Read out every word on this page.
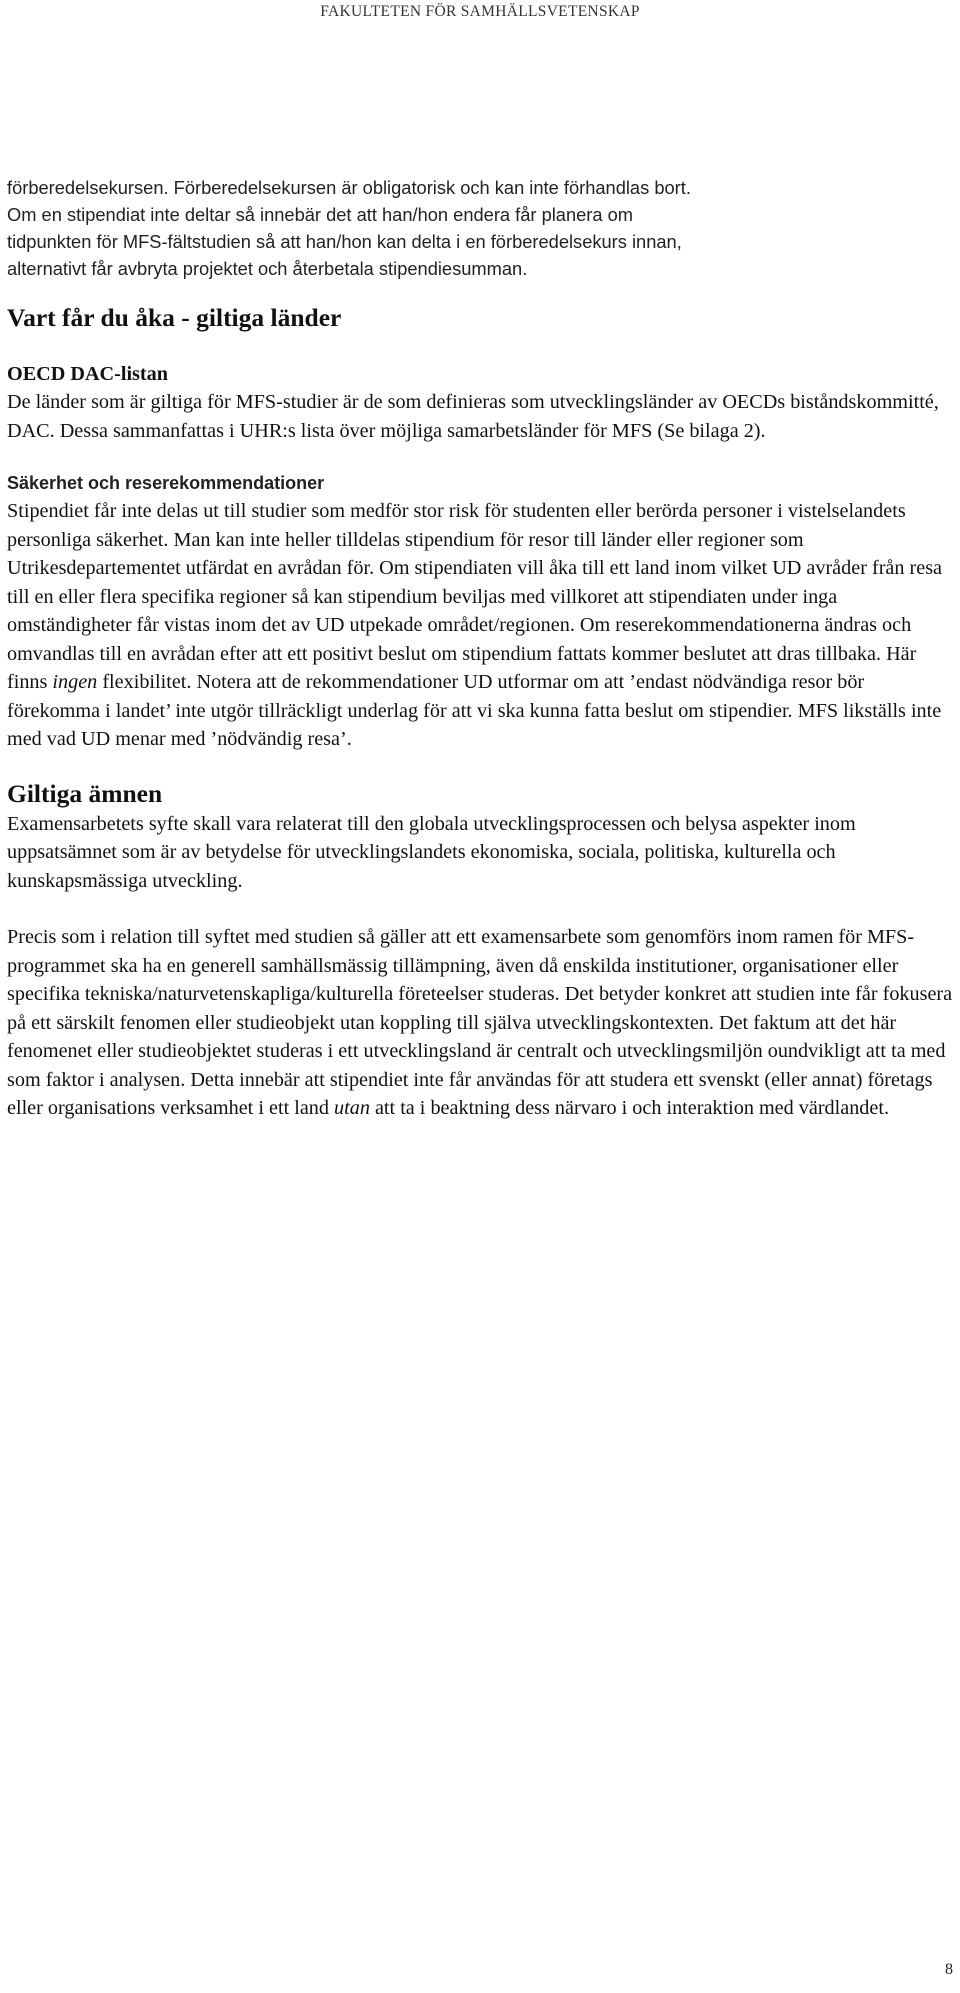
FAKULTETEN FÖR SAMHÄLLSVETENSKAP

förberedelsekursen. Förberedelsekursen är obligatorisk och kan inte förhandlas bort.

Om en stipendiat inte deltar så innebär det att han/hon endera får planera om

tidpunkten för MFS-fältstudien så att han/hon kan delta i en förberedelsekurs innan,

alternativt får avbryta projektet och återbetala stipendiesumman.

Vart får du åka - giltiga länder
OECD DAC-listan

De länder som är giltiga för MFS-studier är de som definieras som utvecklingsländer av OECDs biståndskommitté, DAC. Dessa sammanfattas i UHR:s lista över möjliga samarbetsländer för MFS (Se bilaga 2).

Säkerhet och reserekommendationer

Stipendiet får inte delas ut till studier som medför stor risk för studenten eller berörda personer i vistelselandets personliga säkerhet. Man kan inte heller tilldelas stipendium för resor till länder eller regioner som Utrikesdepartementet utfärdat en avrådan för. Om stipendiaten vill åka till ett land inom vilket UD avråder från resa till en eller flera specifika regioner så kan stipendium beviljas med villkoret att stipendiaten under inga omständigheter får vistas inom det av UD utpekade området/regionen. Om reserekommendationerna ändras och omvandlas till en avrådan efter att ett positivt beslut om stipendium fattats kommer beslutet att dras tillbaka. Här finns ingen flexibilitet. Notera att de rekommendationer UD utformar om att ’endast nödvändiga resor bör förekomma i landet’ inte utgör tillräckligt underlag för att vi ska kunna fatta beslut om stipendier. MFS likställs inte med vad UD menar med ’nödvändig resa’.

Giltiga ämnen

Examensarbetets syfte skall vara relaterat till den globala utvecklingsprocessen och belysa aspekter inom uppsatsämnet som är av betydelse för utvecklingslandets ekonomiska, sociala, politiska, kulturella och kunskapsmässiga utveckling.

Precis som i relation till syftet med studien så gäller att ett examensarbete som genomförs inom ramen för MFS-programmet ska ha en generell samhällsmässig tillämpning, även då enskilda institutioner, organisationer eller specifika tekniska/naturvetenskapliga/kulturella företeelser studeras. Det betyder konkret att studien inte får fokusera på ett särskilt fenomen eller studieobjekt utan koppling till själva utvecklingskontexten. Det faktum att det här fenomenet eller studieobjektet studeras i ett utvecklingsland är centralt och utvecklingsmiljön oundvikligt att ta med som faktor i analysen. Detta innebär att stipendiet inte får användas för att studera ett svenskt (eller annat) företags eller organisations verksamhet i ett land utan att ta i beaktning dess närvaro i och interaktion med värdlandet.

8
